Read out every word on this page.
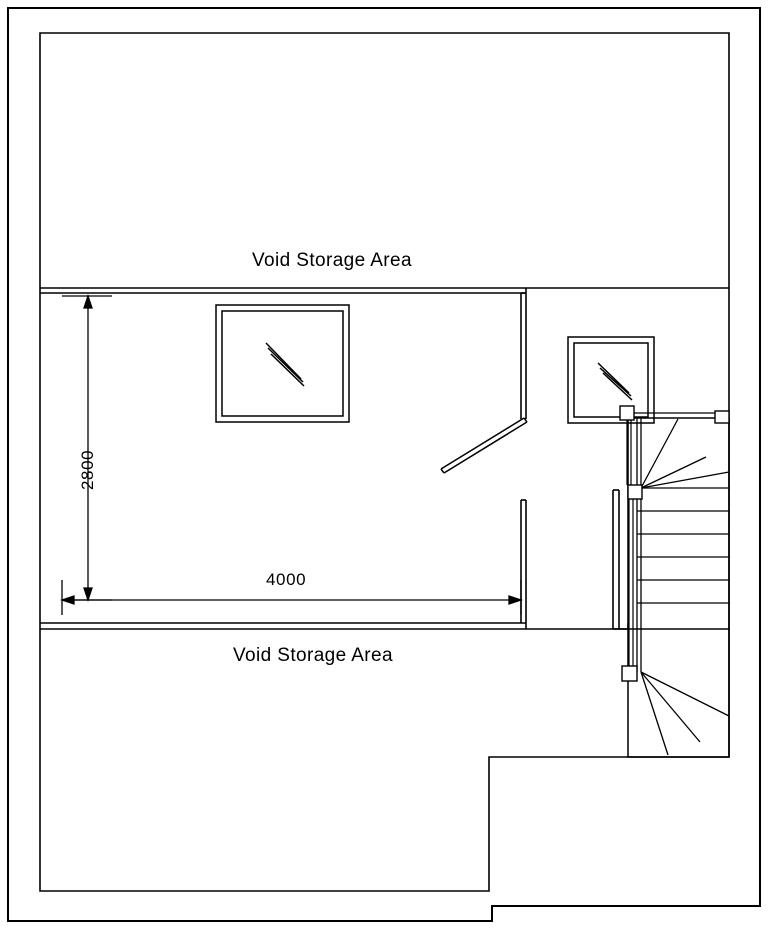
Void Storage Area
Void Storage Area
2800
4000
